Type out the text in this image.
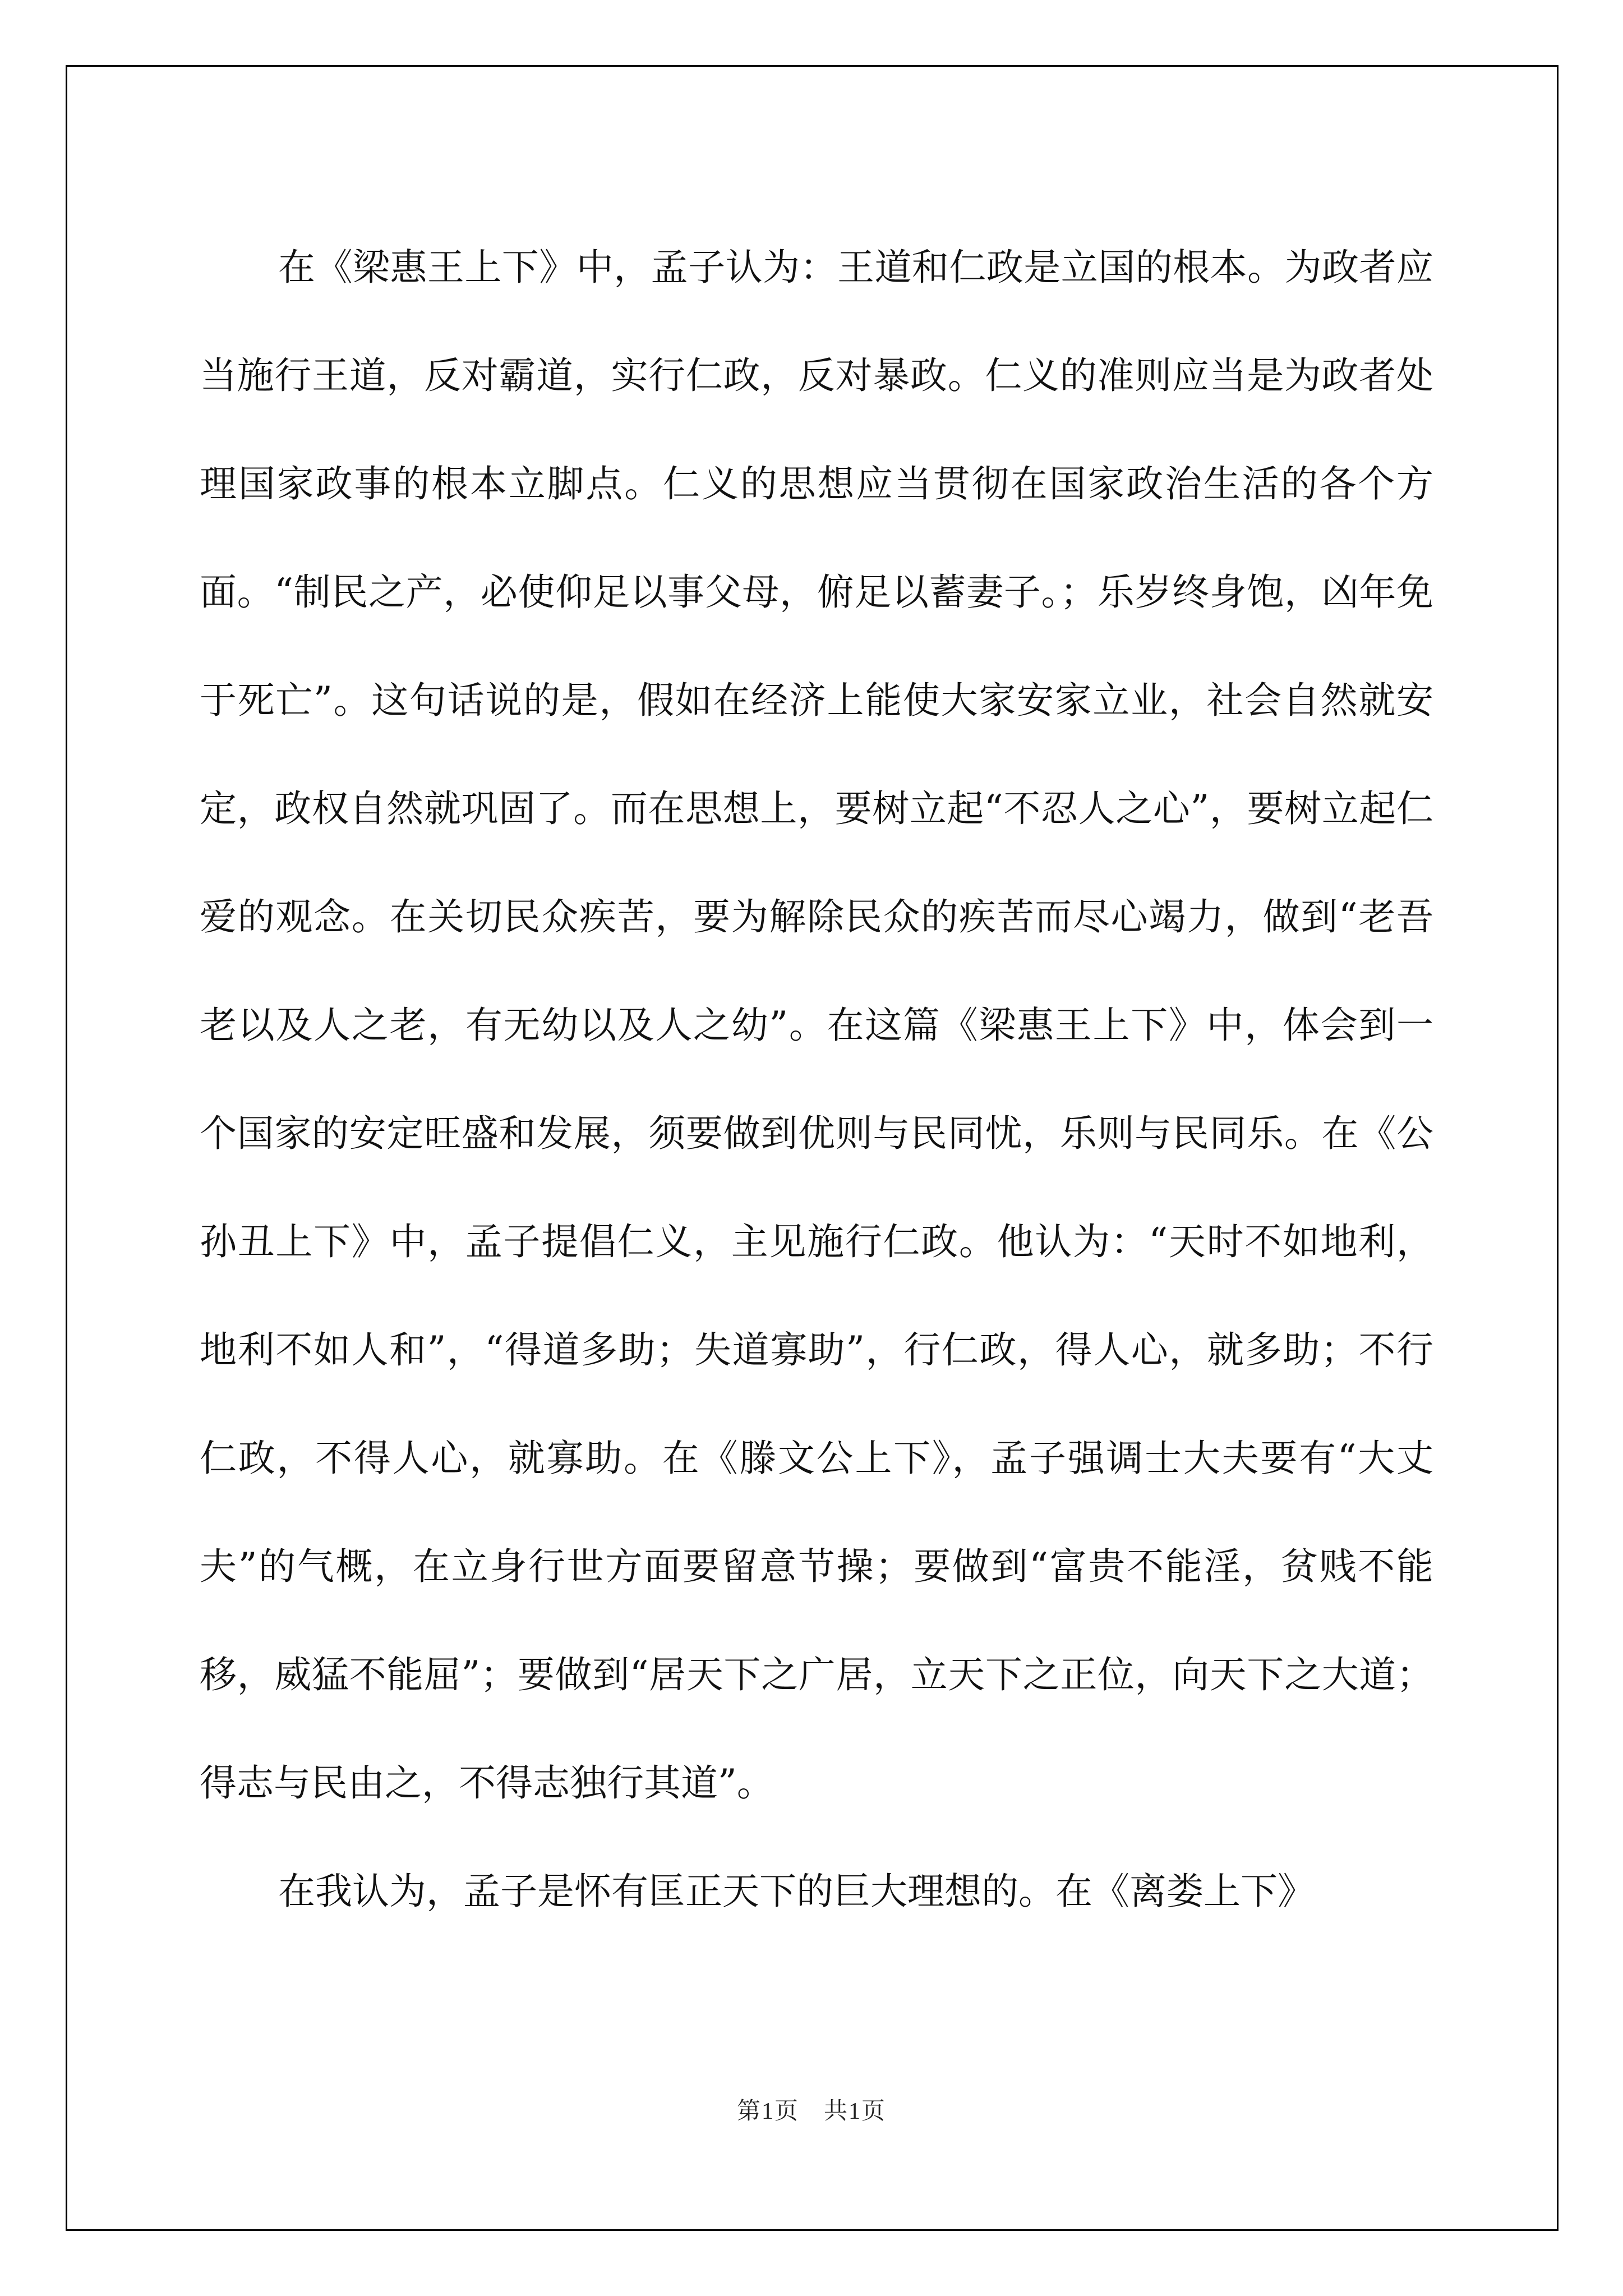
在《梁惠王上下》中，孟子认为：王道和仁政是立国的根本。为政者应当施行王道，反对霸道，实行仁政，反对暴政。仁义的准则应当是为政者处理国家政事的根本立脚点。仁义的思想应当贯彻在国家政治生活的各个方面。“制民之产，必使仰足以事父母，俯足以蓄妻子。；乐岁终身饱，凶年免于死亡”。这句话说的是，假如在经济上能使大家安家立业，社会自然就安定，政权自然就巩固了。而在思想上，要树立起“不忍人之心”，要树立起仁爱的观念。在关切民众疾苦，要为解除民众的疾苦而尽心竭力，做到“老吾老以及人之老，有无幼以及人之幼”。在这篇《梁惠王上下》中，体会到一个国家的安定旺盛和发展，须要做到优则与民同忧，乐则与民同乐。在《公孙丑上下》中，孟子提倡仁义，主见施行仁政。他认为：“天时不如地利，地利不如人和”，“得道多助；失道寡助”，行仁政，得人心，就多助；不行仁政，不得人心，就寡助。在《滕文公上下》，孟子强调士大夫要有“大丈夫”的气概，在立身行世方面要留意节操；要做到“富贵不能淫，贫贱不能移，威猛不能屈”；要做到“居天下之广居，立天下之正位，向天下之大道；得志与民由之，不得志独行其道”。

在我认为，孟子是怀有匡正天下的巨大理想的。在《离娄上下》

第1页　共1页
